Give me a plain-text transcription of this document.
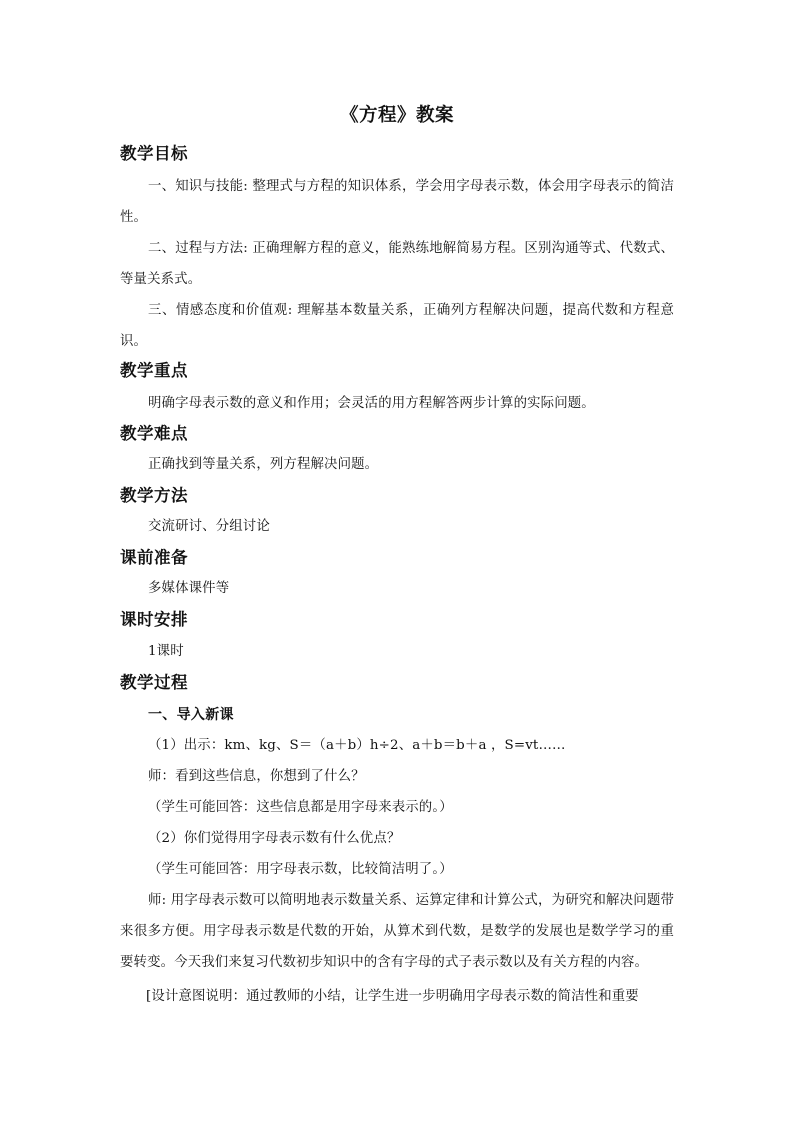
《方程》教案
教学目标
一、知识与技能: 整理式与方程的知识体系，学会用字母表示数，体会用字母表示的简洁性。
二、过程与方法: 正确理解方程的意义，能熟练地解简易方程。区别沟通等式、代数式、等量关系式。
三、情感态度和价值观: 理解基本数量关系，正确列方程解决问题，提高代数和方程意识。
教学重点
明确字母表示数的意义和作用；会灵活的用方程解答两步计算的实际问题。
教学难点
正确找到等量关系，列方程解决问题。
教学方法
交流研讨、分组讨论
课前准备
多媒体课件等
课时安排
1课时
教学过程
一、导入新课
（1）出示：km、kg、S＝（a＋b）h÷2、a＋b＝b＋a ，S=vt……
师：看到这些信息，你想到了什么？
（学生可能回答：这些信息都是用字母来表示的。）
（2）你们觉得用字母表示数有什么优点？
（学生可能回答：用字母表示数，比较简洁明了。）
师: 用字母表示数可以简明地表示数量关系、运算定律和计算公式，为研究和解决问题带来很多方便。用字母表示数是代数的开始，从算术到代数，是数学的发展也是数学学习的重要转变。今天我们来复习代数初步知识中的含有字母的式子表示数以及有关方程的内容。
[设计意图说明：通过教师的小结，让学生进一步明确用字母表示数的简洁性和重要
